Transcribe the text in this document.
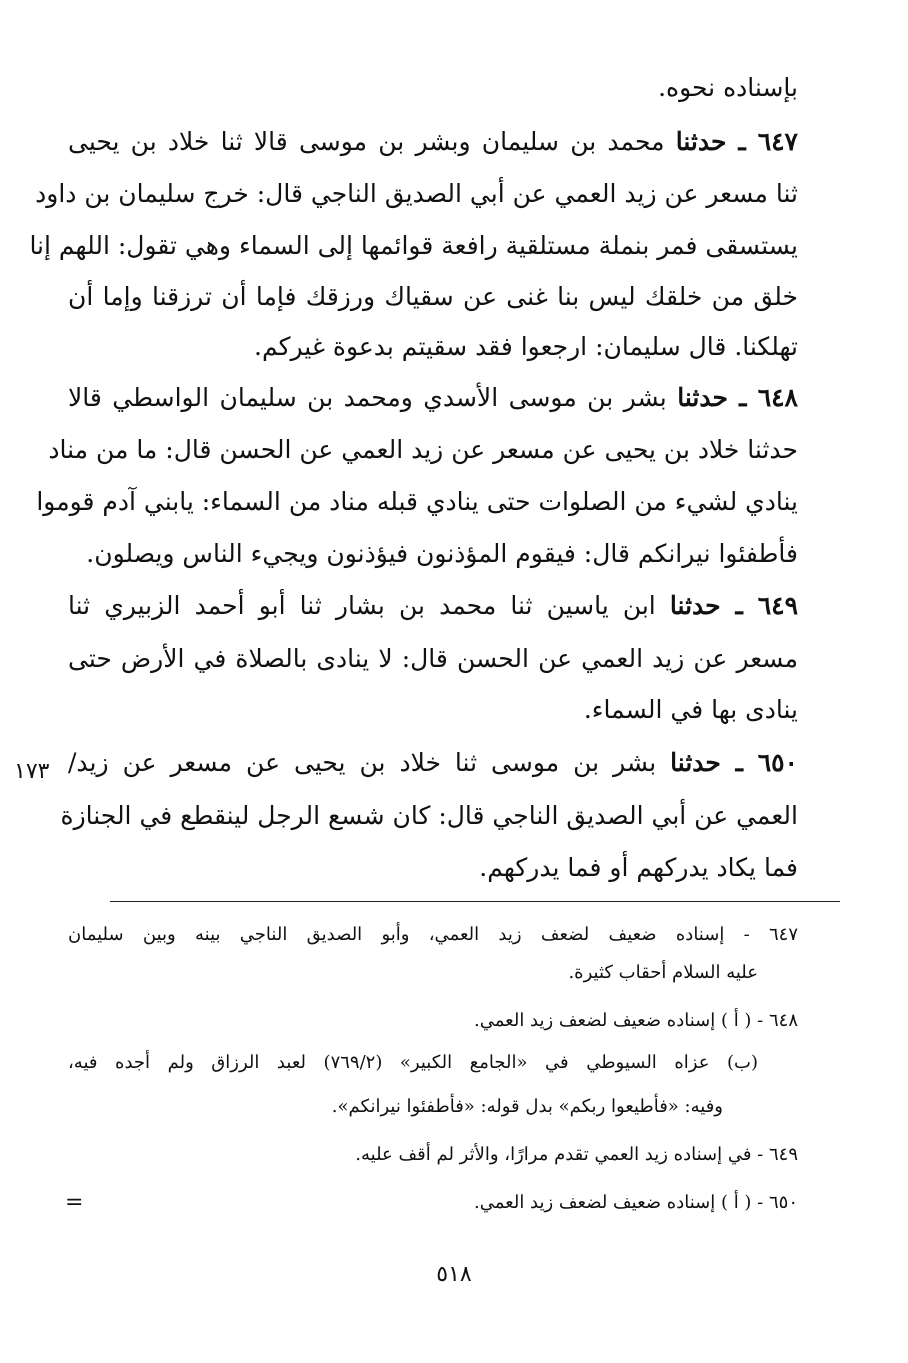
بإسناده نحوه.
٦٤٧ ـ حدثنا محمد بن سليمان وبشر بن موسى قالا ثنا خلاد بن يحيى
ثنا مسعر عن زيد العمي عن أبي الصديق الناجي قال: خرج سليمان بن داود
يستسقى فمر بنملة مستلقية رافعة قوائمها إلى السماء وهي تقول: اللهم إنا
خلق من خلقك ليس بنا غنى عن سقياك ورزقك فإما أن ترزقنا وإما أن
تهلكنا. قال سليمان: ارجعوا فقد سقيتم بدعوة غيركم.
٦٤٨ ـ حدثنا بشر بن موسى الأسدي ومحمد بن سليمان الواسطي قالا
حدثنا خلاد بن يحيى عن مسعر عن زيد العمي عن الحسن قال: ما من مناد
ينادي لشيء من الصلوات حتى ينادي قبله مناد من السماء: يابني آدم قوموا
فأطفئوا نيرانكم قال: فيقوم المؤذنون فيؤذنون ويجيء الناس ويصلون.
٦٤٩ ـ حدثنا ابن ياسين ثنا محمد بن بشار ثنا أبو أحمد الزبيري ثنا
مسعر عن زيد العمي عن الحسن قال: لا ينادى بالصلاة في الأرض حتى
ينادى بها في السماء.
٦٥٠ ـ حدثنا بشر بن موسى ثنا خلاد بن يحيى عن مسعر عن زيد/
العمي عن أبي الصديق الناجي قال: كان شسع الرجل لينقطع في الجنازة
فما يكاد يدركهم أو فما يدركهم.
١٧٣
٦٤٧ - إسناده ضعيف لضعف زيد العمي، وأبو الصديق الناجي بينه وبين سليمان
عليه السلام أحقاب كثيرة.
٦٤٨ - ( أ ) إسناده ضعيف لضعف زيد العمي.
(ب) عزاه السيوطي في «الجامع الكبير» (٧٦٩/٢) لعبد الرزاق ولم أجده فيه،
وفيه: «فأطيعوا ربكم» بدل قوله: «فأطفئوا نيرانكم».
٦٤٩ - في إسناده زيد العمي تقدم مرارًا، والأثر لم أقف عليه.
٦٥٠ - ( أ ) إسناده ضعيف لضعف زيد العمي.
=
٥١٨
